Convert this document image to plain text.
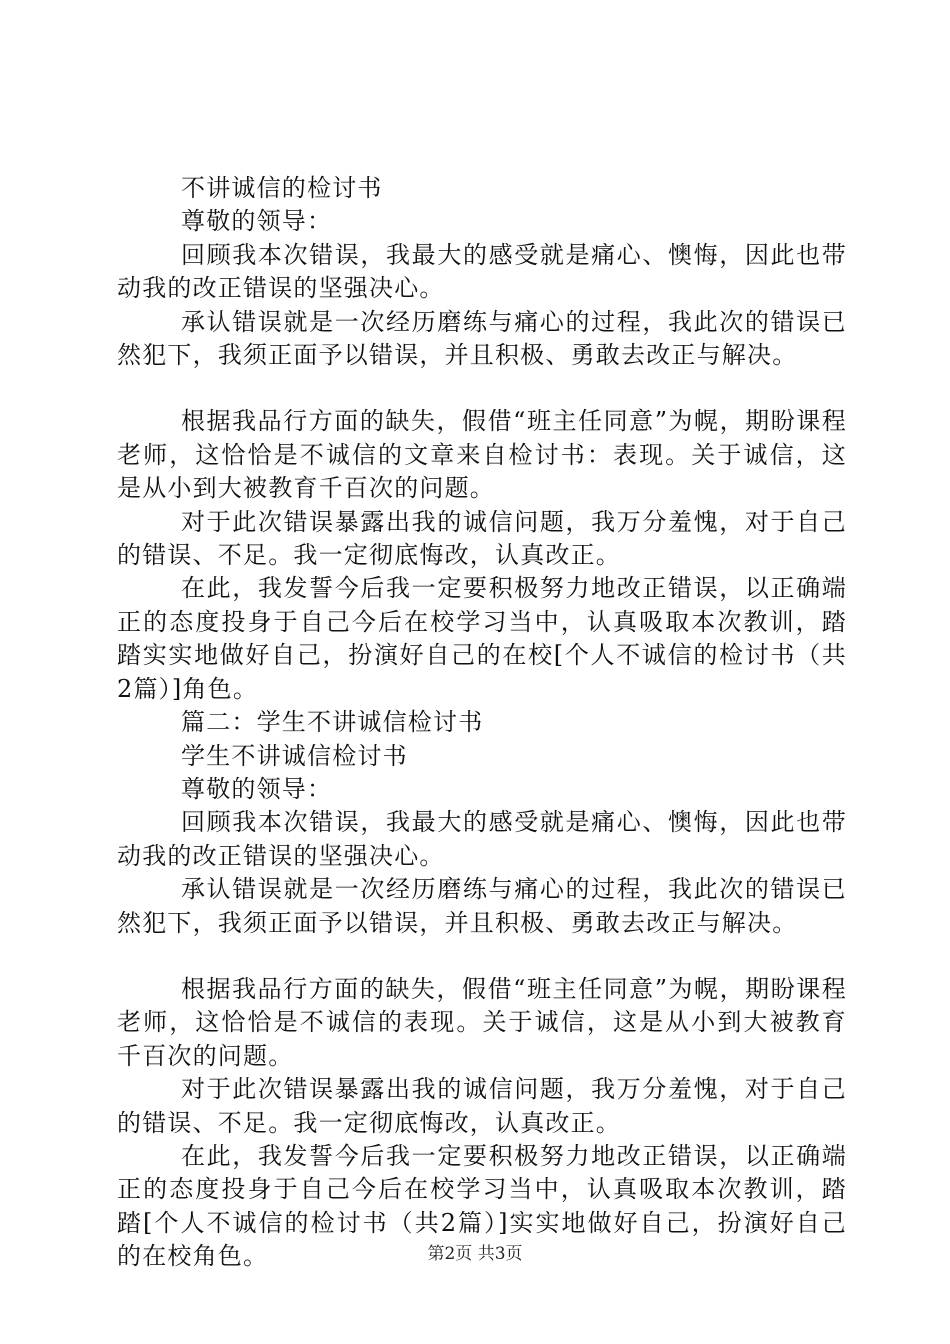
不讲诚信的检讨书

尊敬的领导：

回顾我本次错误，我最大的感受就是痛心、懊悔，因此也带动我的改正错误的坚强决心。

承认错误就是一次经历磨练与痛心的过程，我此次的错误已然犯下，我须正面予以错误，并且积极、勇敢去改正与解决。

根据我品行方面的缺失，假借“班主任同意”为幌，期盼课程老师，这恰恰是不诚信的文章来自检讨书：表现。关于诚信，这是从小到大被教育千百次的问题。

对于此次错误暴露出我的诚信问题，我万分羞愧，对于自己的错误、不足。我一定彻底悔改，认真改正。

在此，我发誓今后我一定要积极努力地改正错误，以正确端正的态度投身于自己今后在校学习当中，认真吸取本次教训，踏踏实实地做好自己，扮演好自己的在校[个人不诚信的检讨书（共2篇）]角色。

篇二：学生不讲诚信检讨书

学生不讲诚信检讨书

尊敬的领导：

回顾我本次错误，我最大的感受就是痛心、懊悔，因此也带动我的改正错误的坚强决心。

承认错误就是一次经历磨练与痛心的过程，我此次的错误已然犯下，我须正面予以错误，并且积极、勇敢去改正与解决。

根据我品行方面的缺失，假借“班主任同意”为幌，期盼课程老师，这恰恰是不诚信的表现。关于诚信，这是从小到大被教育千百次的问题。

对于此次错误暴露出我的诚信问题，我万分羞愧，对于自己的错误、不足。我一定彻底悔改，认真改正。

在此，我发誓今后我一定要积极努力地改正错误，以正确端正的态度投身于自己今后在校学习当中，认真吸取本次教训，踏踏[个人不诚信的检讨书（共2篇）]实实地做好自己，扮演好自己的在校角色。	第2页 共3页
